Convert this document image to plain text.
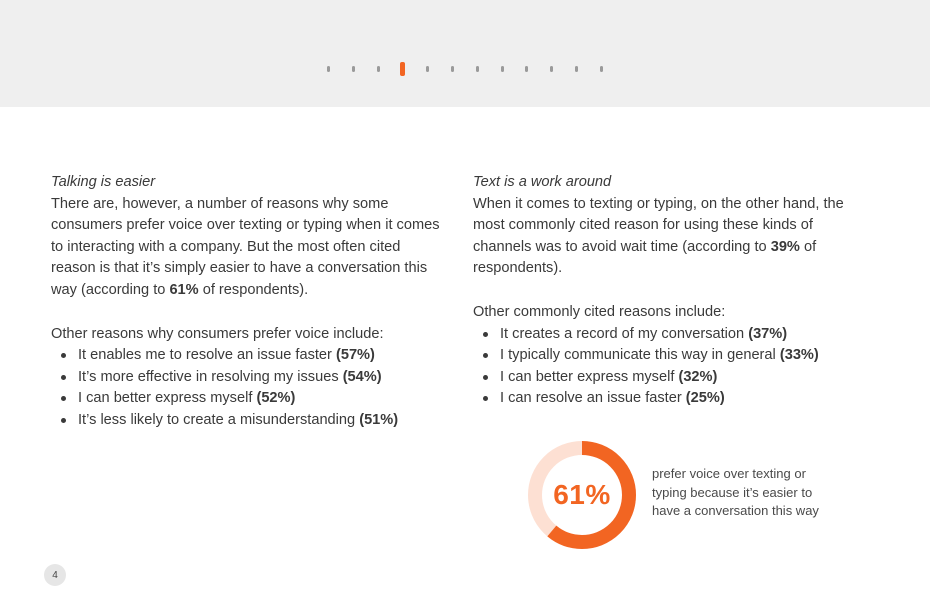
Talking is easier

There are, however, a number of reasons why some consumers prefer voice over texting or typing when it comes to interacting with a company. But the most often cited reason is that it’s simply easier to have a conversation this way (according to 61% of respondents).

Other reasons why consumers prefer voice include:

It enables me to resolve an issue faster (57%)
It’s more effective in resolving my issues (54%)
I can better express myself (52%)
It’s less likely to create a misunderstanding (51%)

Text is a work around

When it comes to texting or typing, on the other hand, the most commonly cited reason for using these kinds of channels was to avoid wait time (according to 39% of respondents).

Other commonly cited reasons include:

It creates a record of my conversation (37%)
I typically communicate this way in general (33%)
I can better express myself (32%)
I can resolve an issue faster (25%)
61%

prefer voice over texting or typing because it’s easier to have a conversation this way

4
